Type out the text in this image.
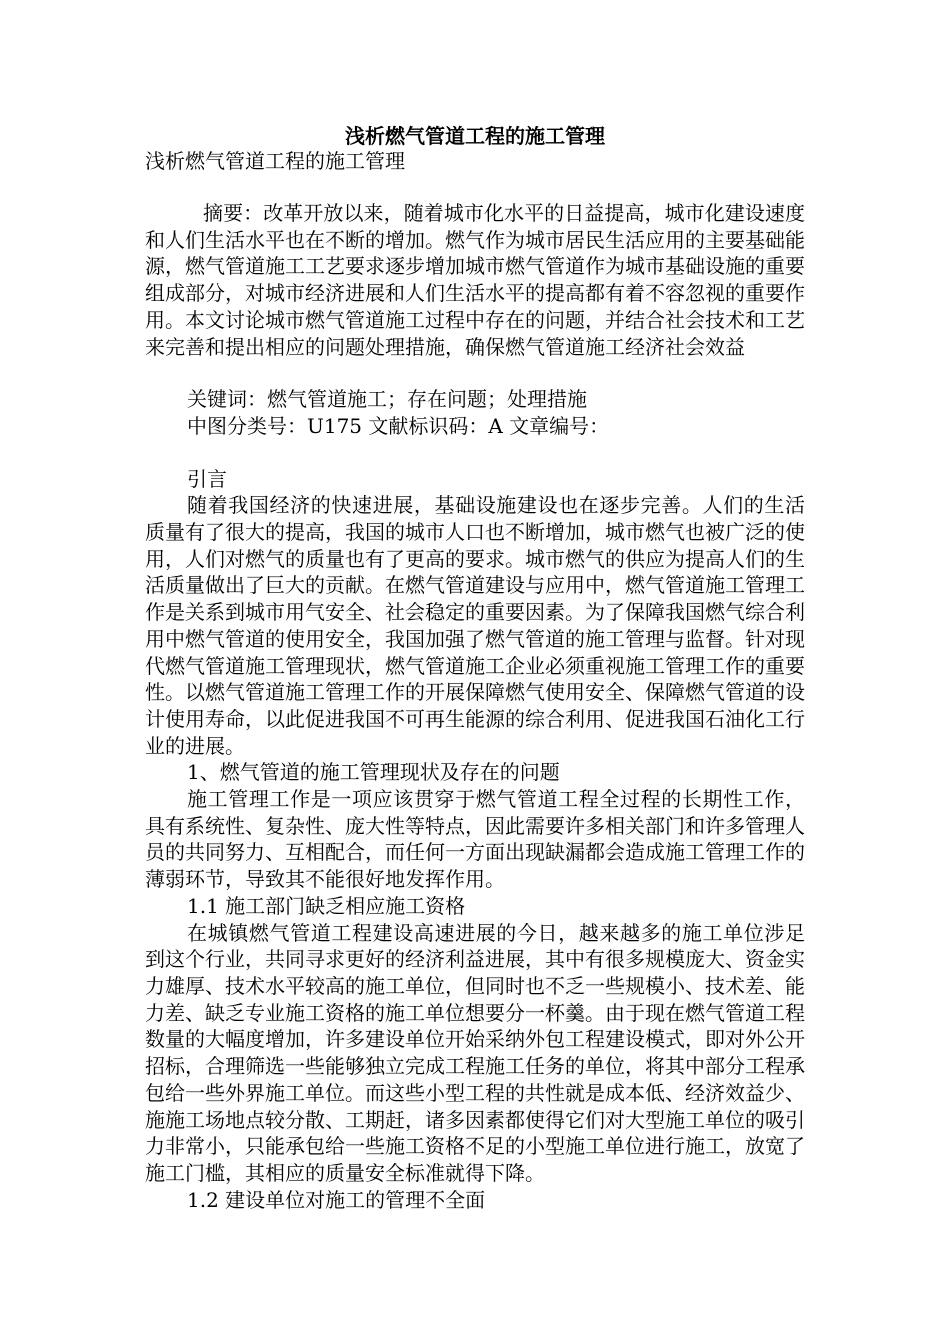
浅析燃气管道工程的施工管理

浅析燃气管道工程的施工管理

摘要：改革开放以来，随着城市化水平的日益提高，城市化建设速度和人们生活水平也在不断的增加。燃气作为城市居民生活应用的主要基础能源，燃气管道施工工艺要求逐步增加城市燃气管道作为城市基础设施的重要组成部分，对城市经济进展和人们生活水平的提高都有着不容忽视的重要作用。本文讨论城市燃气管道施工过程中存在的问题，并结合社会技术和工艺来完善和提出相应的问题处理措施，确保燃气管道施工经济社会效益

关键词：燃气管道施工；存在问题；处理措施

中图分类号：U175 文献标识码：A 文章编号：

引言

随着我国经济的快速进展，基础设施建设也在逐步完善。人们的生活质量有了很大的提高，我国的城市人口也不断增加，城市燃气也被广泛的使用，人们对燃气的质量也有了更高的要求。城市燃气的供应为提高人们的生活质量做出了巨大的贡献。在燃气管道建设与应用中，燃气管道施工管理工作是关系到城市用气安全、社会稳定的重要因素。为了保障我国燃气综合利用中燃气管道的使用安全，我国加强了燃气管道的施工管理与监督。针对现代燃气管道施工管理现状，燃气管道施工企业必须重视施工管理工作的重要性。以燃气管道施工管理工作的开展保障燃气使用安全、保障燃气管道的设计使用寿命，以此促进我国不可再生能源的综合利用、促进我国石油化工行业的进展。

1、燃气管道的施工管理现状及存在的问题

施工管理工作是一项应该贯穿于燃气管道工程全过程的长期性工作，具有系统性、复杂性、庞大性等特点，因此需要许多相关部门和许多管理人员的共同努力、互相配合，而任何一方面出现缺漏都会造成施工管理工作的薄弱环节，导致其不能很好地发挥作用。

1.1 施工部门缺乏相应施工资格

在城镇燃气管道工程建设高速进展的今日，越来越多的施工单位涉足到这个行业，共同寻求更好的经济利益进展，其中有很多规模庞大、资金实力雄厚、技术水平较高的施工单位，但同时也不乏一些规模小、技术差、能力差、缺乏专业施工资格的施工单位想要分一杯羹。由于现在燃气管道工程数量的大幅度增加，许多建设单位开始采纳外包工程建设模式，即对外公开招标，合理筛选一些能够独立完成工程施工任务的单位，将其中部分工程承包给一些外界施工单位。而这些小型工程的共性就是成本低、经济效益少、施施工场地点较分散、工期赶，诸多因素都使得它们对大型施工单位的吸引力非常小，只能承包给一些施工资格不足的小型施工单位进行施工，放宽了施工门槛，其相应的质量安全标准就得下降。

1.2 建设单位对施工的管理不全面
